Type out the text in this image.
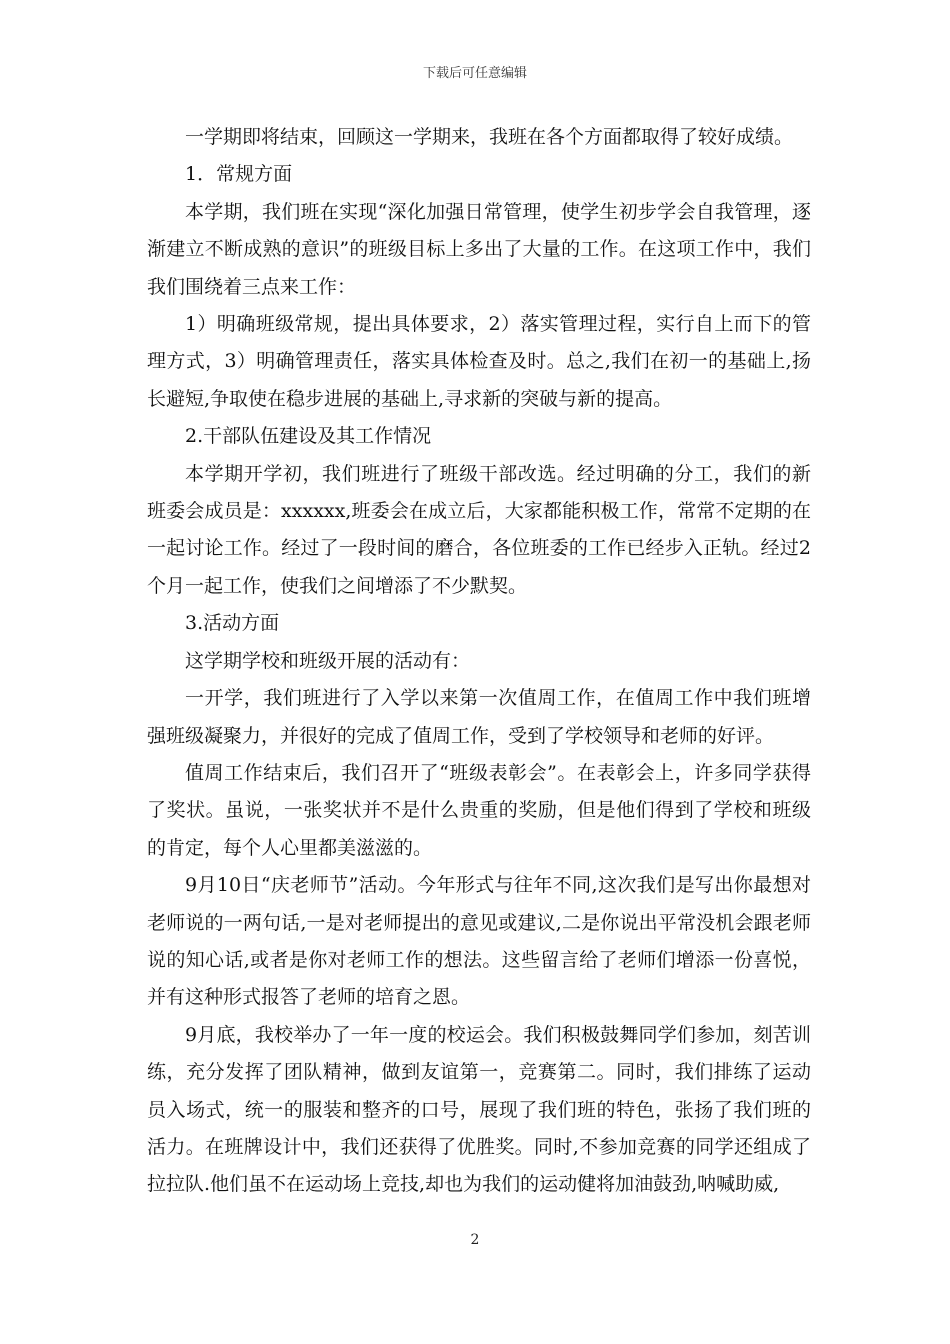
下载后可任意编辑

一学期即将结束，回顾这一学期来，我班在各个方面都取得了较好成绩。

1．常规方面

本学期，我们班在实现“深化加强日常管理，使学生初步学会自我管理，逐渐建立不断成熟的意识”的班级目标上多出了大量的工作。在这项工作中，我们我们围绕着三点来工作：

1）明确班级常规，提出具体要求，2）落实管理过程，实行自上而下的管理方式，3）明确管理责任，落实具体检查及时。总之,我们在初一的基础上,扬长避短,争取使在稳步进展的基础上,寻求新的突破与新的提高。

2.干部队伍建设及其工作情况

本学期开学初，我们班进行了班级干部改选。经过明确的分工，我们的新班委会成员是：xxxxxx,班委会在成立后，大家都能积极工作，常常不定期的在一起讨论工作。经过了一段时间的磨合，各位班委的工作已经步入正轨。经过2个月一起工作，使我们之间增添了不少默契。

3.活动方面

这学期学校和班级开展的活动有：

一开学，我们班进行了入学以来第一次值周工作，在值周工作中我们班增强班级凝聚力，并很好的完成了值周工作，受到了学校领导和老师的好评。

值周工作结束后，我们召开了“班级表彰会”。在表彰会上，许多同学获得了奖状。虽说，一张奖状并不是什么贵重的奖励，但是他们得到了学校和班级的肯定，每个人心里都美滋滋的。

9月10日“庆老师节”活动。今年形式与往年不同,这次我们是写出你最想对老师说的一两句话,一是对老师提出的意见或建议,二是你说出平常没机会跟老师说的知心话,或者是你对老师工作的想法。这些留言给了老师们增添一份喜悦，并有这种形式报答了老师的培育之恩。

9月底，我校举办了一年一度的校运会。我们积极鼓舞同学们参加，刻苦训练，充分发挥了团队精神，做到友谊第一，竞赛第二。同时，我们排练了运动员入场式，统一的服装和整齐的口号，展现了我们班的特色，张扬了我们班的活力。在班牌设计中，我们还获得了优胜奖。同时,不参加竞赛的同学还组成了拉拉队.他们虽不在运动场上竞技,却也为我们的运动健将加油鼓劲,呐喊助威,

2
